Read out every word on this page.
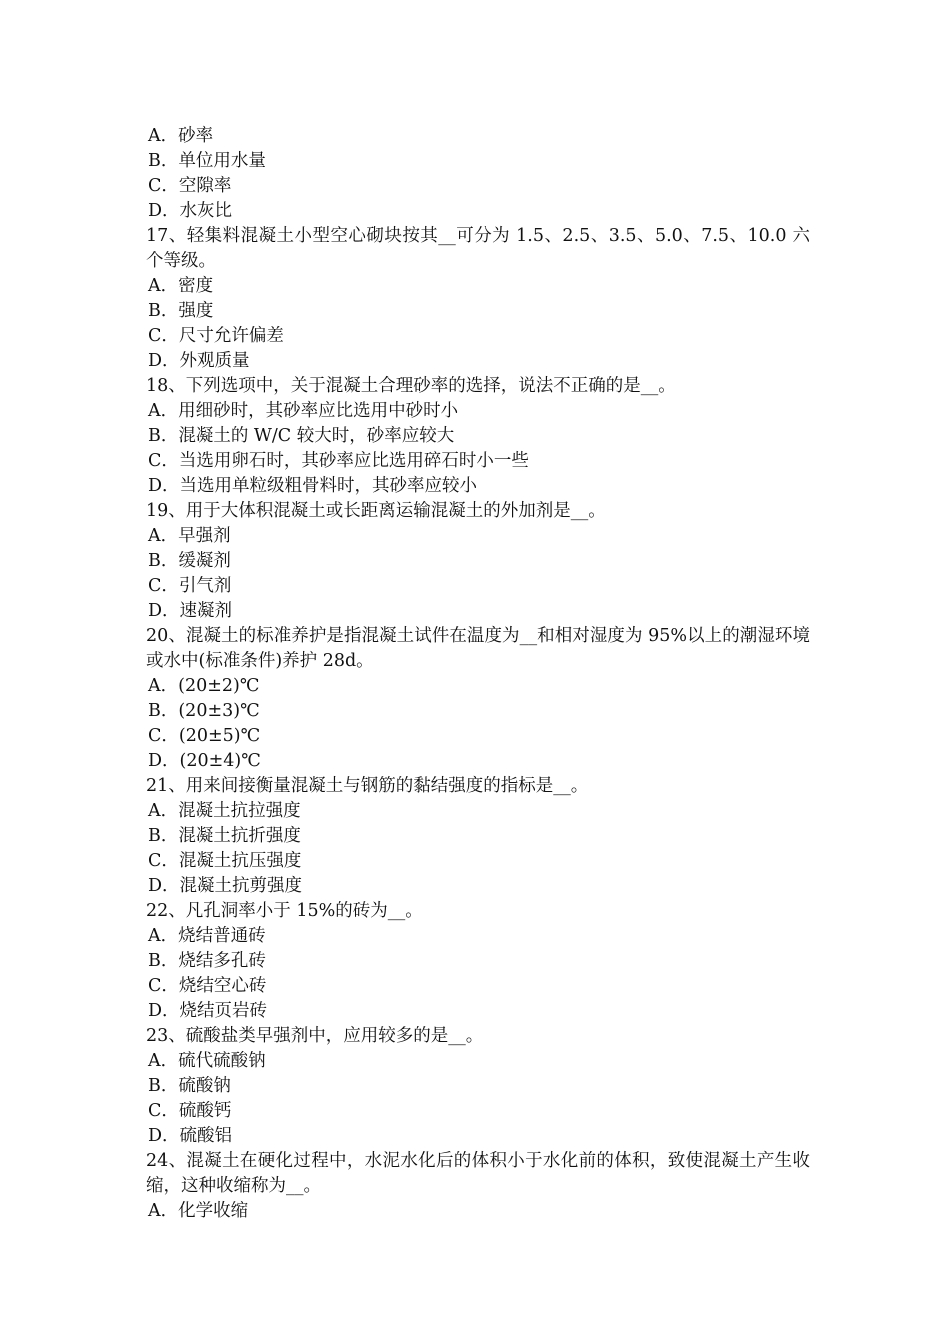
A．砂率
B．单位用水量
C．空隙率
D．水灰比
17、轻集料混凝土小型空心砌块按其__可分为 1.5、2.5、3.5、5.0、7.5、10.0 六个等级。
A．密度
B．强度
C．尺寸允许偏差
D．外观质量
18、下列选项中，关于混凝土合理砂率的选择，说法不正确的是__。
A．用细砂时，其砂率应比选用中砂时小
B．混凝土的 W/C 较大时，砂率应较大
C．当选用卵石时，其砂率应比选用碎石时小一些
D．当选用单粒级粗骨料时，其砂率应较小
19、用于大体积混凝土或长距离运输混凝土的外加剂是__。
A．早强剂
B．缓凝剂
C．引气剂
D．速凝剂
20、混凝土的标准养护是指混凝土试件在温度为__和相对湿度为 95%以上的潮湿环境或水中(标准条件)养护 28d。
A．(20±2)℃
B．(20±3)℃
C．(20±5)℃
D．(20±4)℃
21、用来间接衡量混凝土与钢筋的黏结强度的指标是__。
A．混凝土抗拉强度
B．混凝土抗折强度
C．混凝土抗压强度
D．混凝土抗剪强度
22、凡孔洞率小于 15%的砖为__。
A．烧结普通砖
B．烧结多孔砖
C．烧结空心砖
D．烧结页岩砖
23、硫酸盐类早强剂中，应用较多的是__。
A．硫代硫酸钠
B．硫酸钠
C．硫酸钙
D．硫酸铝
24、混凝土在硬化过程中，水泥水化后的体积小于水化前的体积，致使混凝土产生收缩，这种收缩称为__。
A．化学收缩
